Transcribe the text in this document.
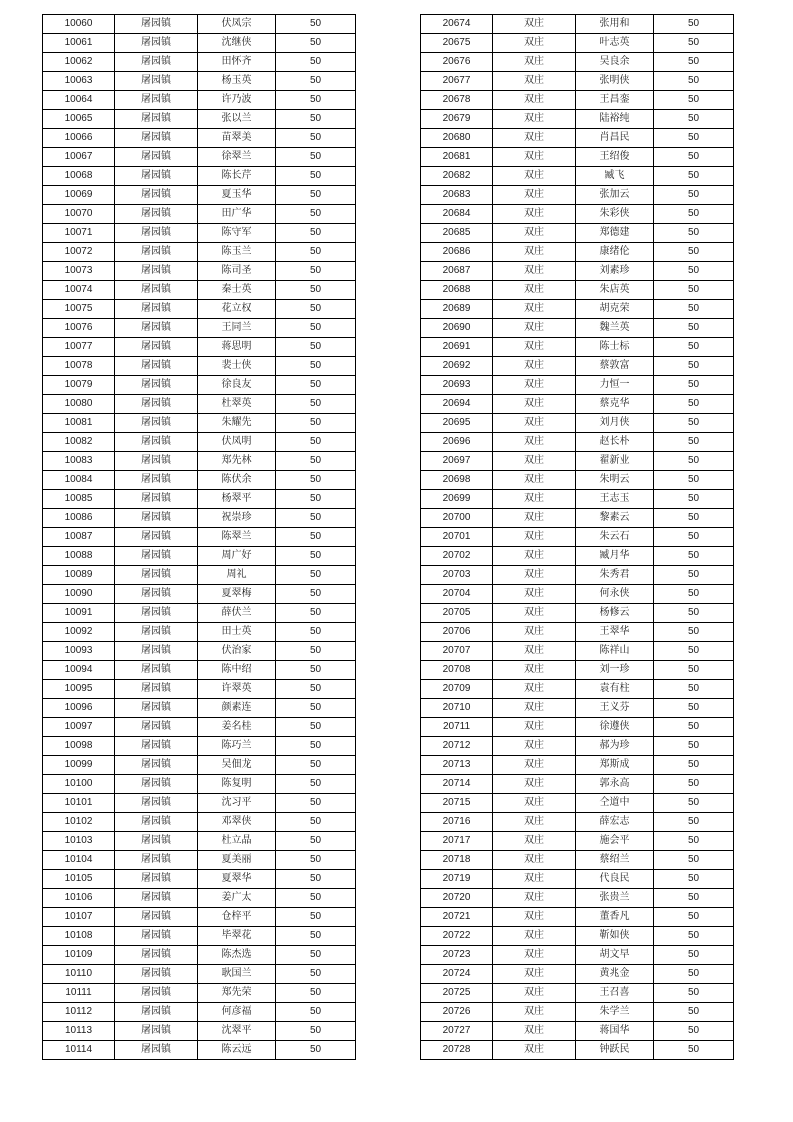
10060	屠园镇	伏凤宗	50
10061	屠园镇	沈继侠	50
10062	屠园镇	田怀齐	50
10063	屠园镇	杨玉英	50
10064	屠园镇	许乃波	50
10065	屠园镇	张以兰	50
10066	屠园镇	苗翠美	50
10067	屠园镇	徐翠兰	50
10068	屠园镇	陈长芹	50
10069	屠园镇	夏玉华	50
10070	屠园镇	田广华	50
10071	屠园镇	陈守军	50
10072	屠园镇	陈玉兰	50
10073	屠园镇	陈司圣	50
10074	屠园镇	秦士英	50
10075	屠园镇	花立权	50
10076	屠园镇	王同兰	50
10077	屠园镇	蒋思明	50
10078	屠园镇	裴士侠	50
10079	屠园镇	徐良友	50
10080	屠园镇	杜翠英	50
10081	屠园镇	朱耀先	50
10082	屠园镇	伏凤明	50
10083	屠园镇	郑先林	50
10084	屠园镇	陈伏余	50
10085	屠园镇	杨翠平	50
10086	屠园镇	祝崇珍	50
10087	屠园镇	陈翠兰	50
10088	屠园镇	周广好	50
10089	屠园镇	周礼	50
10090	屠园镇	夏翠梅	50
10091	屠园镇	薛伏兰	50
10092	屠园镇	田士英	50
10093	屠园镇	伏治家	50
10094	屠园镇	陈中绍	50
10095	屠园镇	许翠英	50
10096	屠园镇	颜素连	50
10097	屠园镇	姜名桂	50
10098	屠园镇	陈巧兰	50
10099	屠园镇	吴佃龙	50
10100	屠园镇	陈复明	50
10101	屠园镇	沈习平	50
10102	屠园镇	邓翠侠	50
10103	屠园镇	杜立晶	50
10104	屠园镇	夏美丽	50
10105	屠园镇	夏翠华	50
10106	屠园镇	姜广太	50
10107	屠园镇	仓梓平	50
10108	屠园镇	毕翠花	50
10109	屠园镇	陈杰选	50
10110	屠园镇	耿国兰	50
10111	屠园镇	郑先荣	50
10112	屠园镇	何彦福	50
10113	屠园镇	沈翠平	50
10114	屠园镇	陈云远	50
20674	双庄	张用和	50
20675	双庄	叶志英	50
20676	双庄	吴良余	50
20677	双庄	张明侠	50
20678	双庄	王昌銮	50
20679	双庄	陆裕纯	50
20680	双庄	肖昌民	50
20681	双庄	王绍俊	50
20682	双庄	臧飞	50
20683	双庄	张加云	50
20684	双庄	朱彩侠	50
20685	双庄	郑德建	50
20686	双庄	康绪伦	50
20687	双庄	刘素珍	50
20688	双庄	朱店英	50
20689	双庄	胡克荣	50
20690	双庄	魏兰英	50
20691	双庄	陈士标	50
20692	双庄	蔡敦富	50
20693	双庄	力恒一	50
20694	双庄	蔡克华	50
20695	双庄	刘月侠	50
20696	双庄	赵长朴	50
20697	双庄	翟新业	50
20698	双庄	朱明云	50
20699	双庄	王志玉	50
20700	双庄	黎素云	50
20701	双庄	朱云石	50
20702	双庄	臧月华	50
20703	双庄	朱秀君	50
20704	双庄	何永侠	50
20705	双庄	杨修云	50
20706	双庄	王翠华	50
20707	双庄	陈祥山	50
20708	双庄	刘一珍	50
20709	双庄	袁有柱	50
20710	双庄	王义芬	50
20711	双庄	徐遵侠	50
20712	双庄	郝为珍	50
20713	双庄	郑斯成	50
20714	双庄	郭永高	50
20715	双庄	仝道中	50
20716	双庄	薛宏志	50
20717	双庄	施会平	50
20718	双庄	蔡绍兰	50
20719	双庄	代良民	50
20720	双庄	张贵兰	50
20721	双庄	董香凡	50
20722	双庄	靳如侠	50
20723	双庄	胡文早	50
20724	双庄	黄兆金	50
20725	双庄	王召喜	50
20726	双庄	朱学兰	50
20727	双庄	蒋国华	50
20728	双庄	钟跃民	50
